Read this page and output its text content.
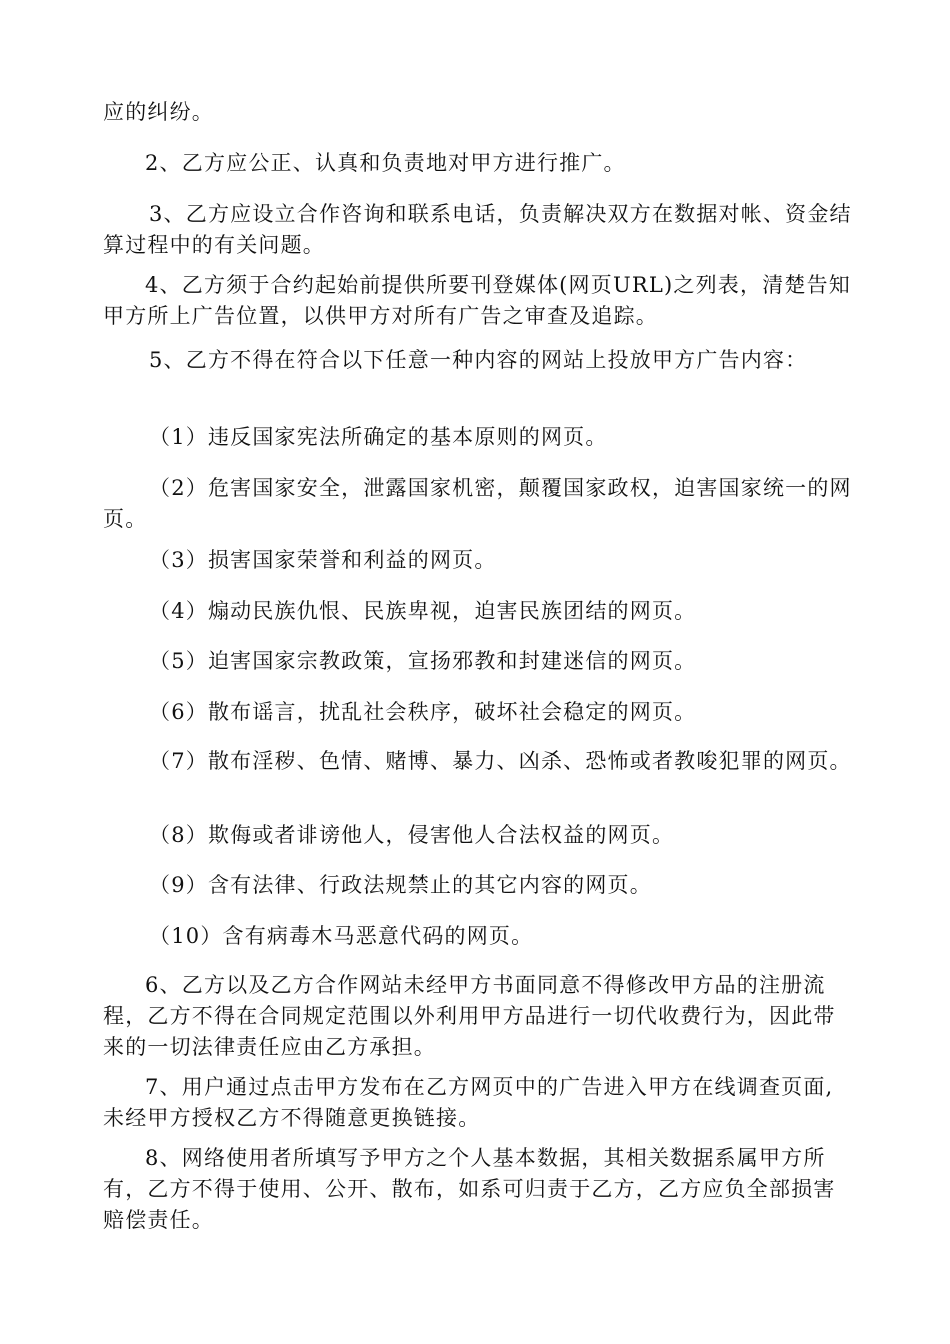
应的纠纷。

2、乙方应公正、认真和负责地对甲方进行推广。

3、乙方应设立合作咨询和联系电话，负责解决双方在数据对帐、资金结算过程中的有关问题。

4、乙方须于合约起始前提供所要刊登媒体(网页URL)之列表，清楚告知甲方所上广告位置，以供甲方对所有广告之审查及追踪。

5、乙方不得在符合以下任意一种内容的网站上投放甲方广告内容：

（1）违反国家宪法所确定的基本原则的网页。

（2）危害国家安全，泄露国家机密，颠覆国家政权，迫害国家统一的网页。

（3）损害国家荣誉和利益的网页。

（4）煽动民族仇恨、民族卑视，迫害民族团结的网页。

（5）迫害国家宗教政策，宣扬邪教和封建迷信的网页。

（6）散布谣言，扰乱社会秩序，破坏社会稳定的网页。

（7）散布淫秽、色情、赌博、暴力、凶杀、恐怖或者教唆犯罪的网页。

（8）欺侮或者诽谤他人，侵害他人合法权益的网页。

（9）含有法律、行政法规禁止的其它内容的网页。

（10）含有病毒木马恶意代码的网页。

6、乙方以及乙方合作网站未经甲方书面同意不得修改甲方品的注册流程，乙方不得在合同规定范围以外利用甲方品进行一切代收费行为，因此带来的一切法律责任应由乙方承担。

7、用户通过点击甲方发布在乙方网页中的广告进入甲方在线调查页面,未经甲方授权乙方不得随意更换链接。

8、网络使用者所填写予甲方之个人基本数据，其相关数据系属甲方所有，乙方不得于使用、公开、散布，如系可归责于乙方，乙方应负全部损害赔偿责任。
